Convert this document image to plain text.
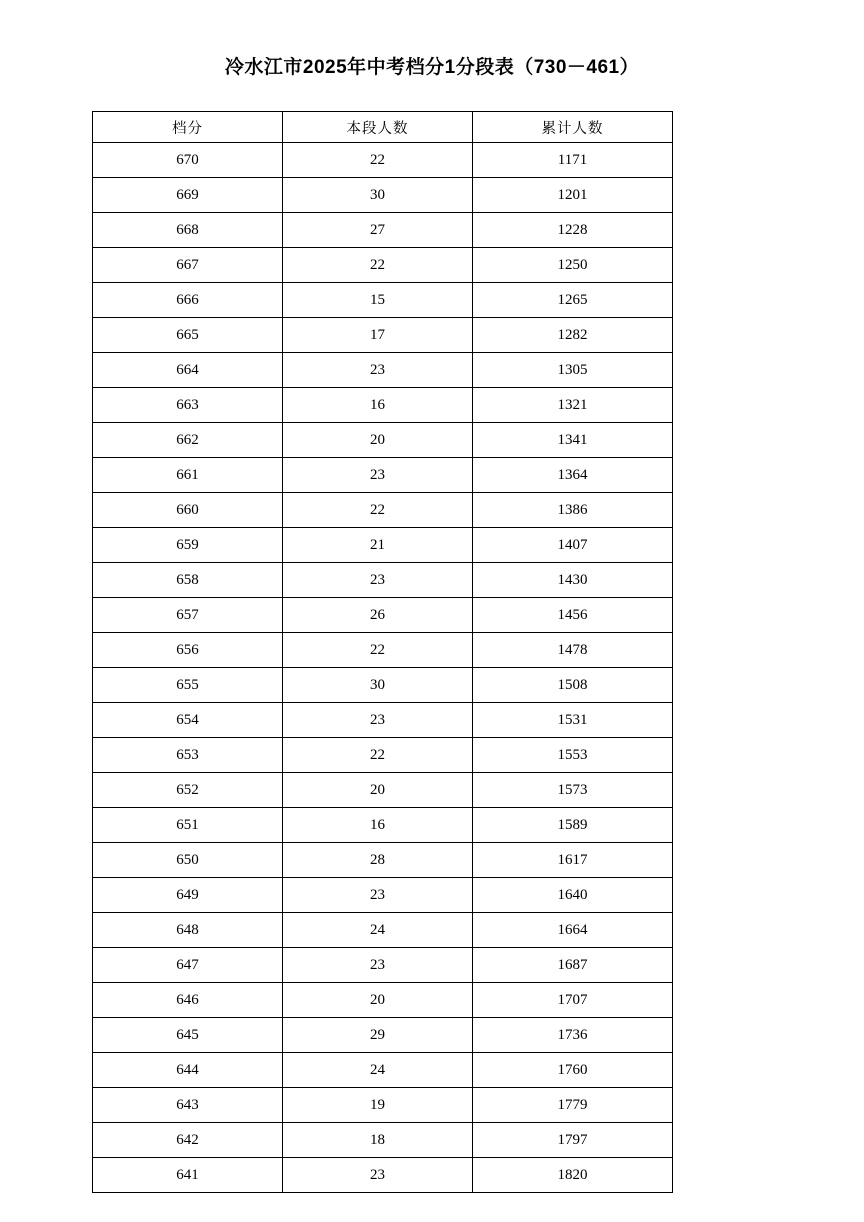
冷水江市2025年中考档分1分段表（730－461）
档分	本段人数	累计人数
670	22	1171
669	30	1201
668	27	1228
667	22	1250
666	15	1265
665	17	1282
664	23	1305
663	16	1321
662	20	1341
661	23	1364
660	22	1386
659	21	1407
658	23	1430
657	26	1456
656	22	1478
655	30	1508
654	23	1531
653	22	1553
652	20	1573
651	16	1589
650	28	1617
649	23	1640
648	24	1664
647	23	1687
646	20	1707
645	29	1736
644	24	1760
643	19	1779
642	18	1797
641	23	1820
